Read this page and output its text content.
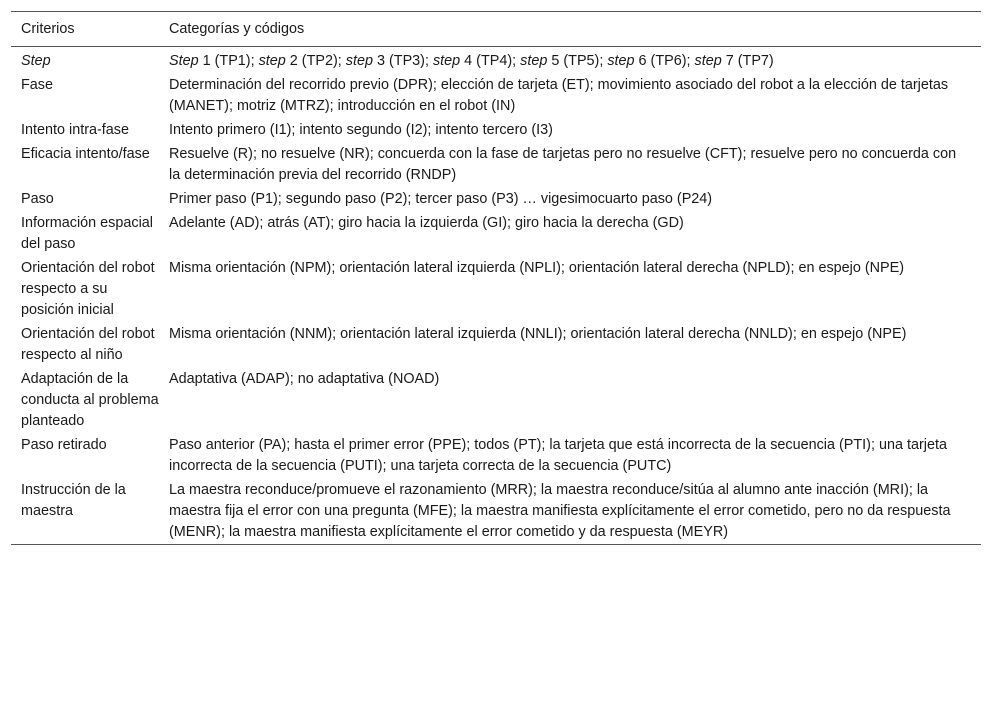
Criterios	Categorías y códigos
Step	Step 1 (TP1); step 2 (TP2); step 3 (TP3); step 4 (TP4); step 5 (TP5); step 6 (TP6); step 7 (TP7)
Fase	Determinación del recorrido previo (DPR); elección de tarjeta (ET); movimiento asociado del robot a la elección de tarjetas (MANET); motriz (MTRZ); introducción en el robot (IN)
Intento intra-fase	Intento primero (I1); intento segundo (I2); intento tercero (I3)
Eficacia intento/fase	Resuelve (R); no resuelve (NR); concuerda con la fase de tarjetas pero no resuelve (CFT); resuelve pero no concuerda con la determinación previa del recorrido (RNDP)
Paso	Primer paso (P1); segundo paso (P2); tercer paso (P3) … vigesimocuarto paso (P24)
Información espacial del paso	Adelante (AD); atrás (AT); giro hacia la izquierda (GI); giro hacia la derecha (GD)
Orientación del robot respecto a su posición inicial	Misma orientación (NPM); orientación lateral izquierda (NPLI); orientación lateral derecha (NPLD); en espejo (NPE)
Orientación del robot respecto al niño	Misma orientación (NNM); orientación lateral izquierda (NNLI); orientación lateral derecha (NNLD); en espejo (NPE)
Adaptación de la conducta al problema planteado	Adaptativa (ADAP); no adaptativa (NOAD)
Paso retirado	Paso anterior (PA); hasta el primer error (PPE); todos (PT); la tarjeta que está incorrecta de la secuencia (PTI); una tarjeta incorrecta de la secuencia (PUTI); una tarjeta correcta de la secuencia (PUTC)
Instrucción de la maestra	La maestra reconduce/promueve el razonamiento (MRR); la maestra reconduce/sitúa al alumno ante inacción (MRI); la maestra fija el error con una pregunta (MFE); la maestra manifiesta explícitamente el error cometido, pero no da respuesta (MENR); la maestra manifiesta explícitamente el error cometido y da respuesta (MEYR)
